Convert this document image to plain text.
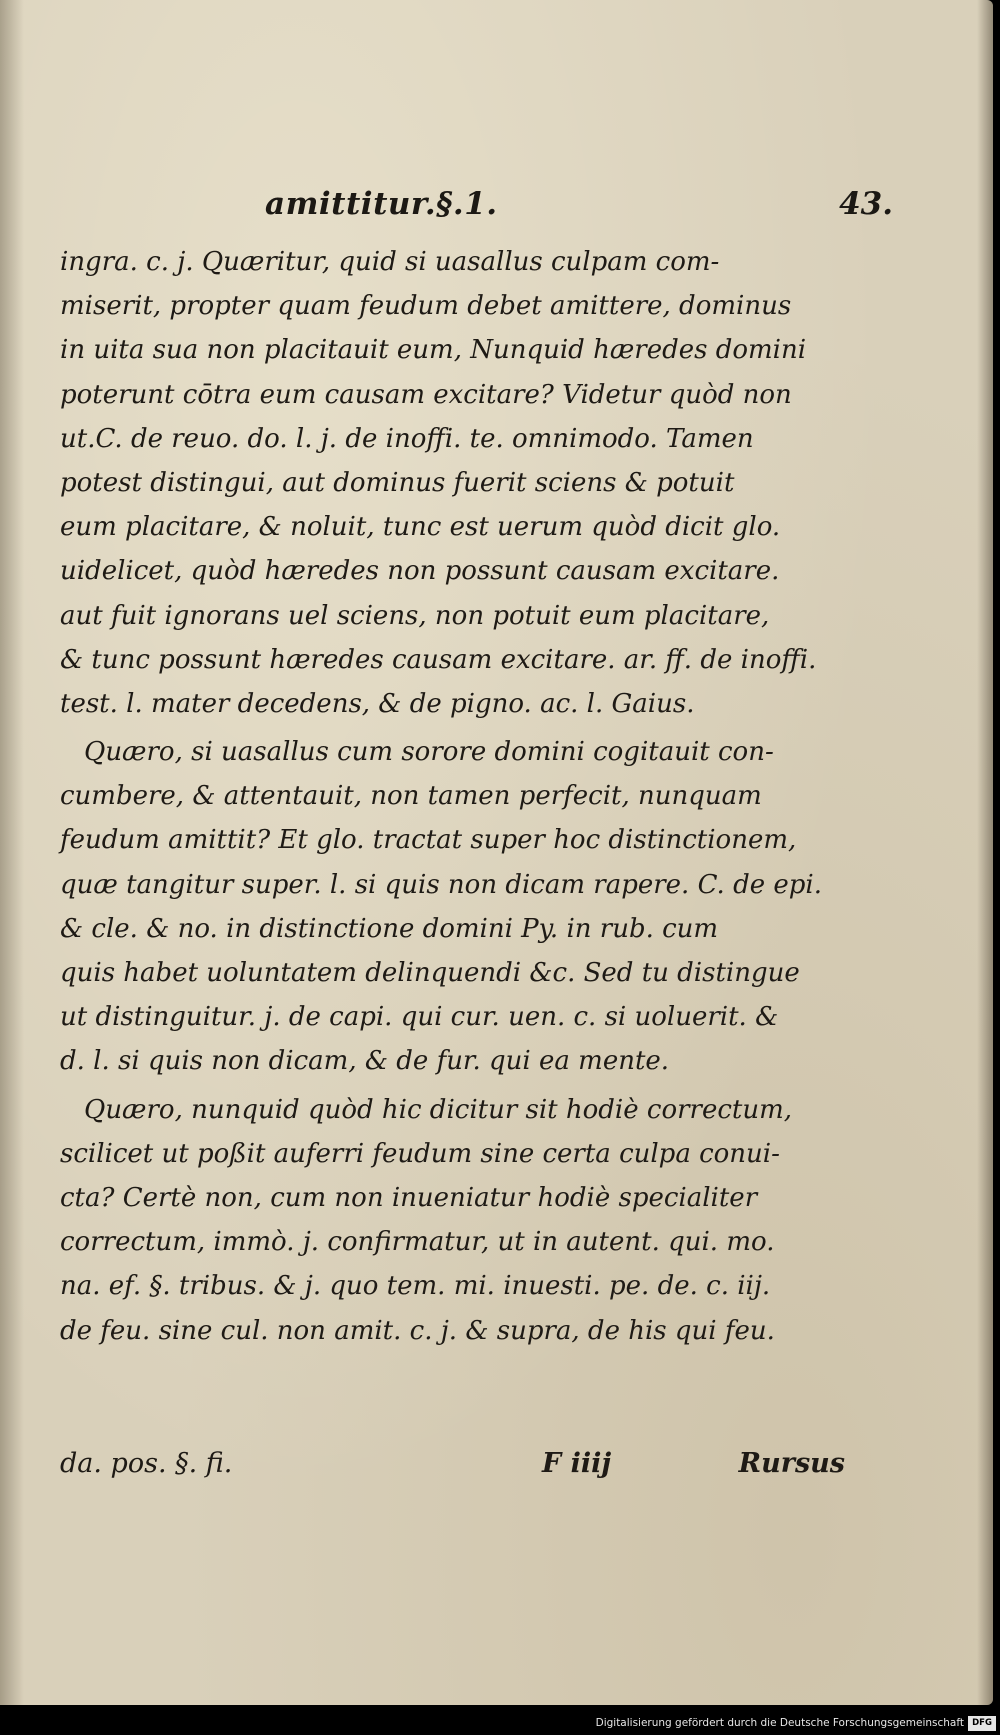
amittitur.§.1.	43.
ingra. c. j. Quæritur, quid si uasallus culpam com-
miserit, propter quam feudum debet amittere, dominus
in uita sua non placitauit eum, Nunquid hæredes domini
poterunt cōtra eum causam excitare? Videtur quòd non
ut.C. de reuo. do. l. j. de inoffi. te. omnimodo. Tamen
potest distingui, aut dominus fuerit sciens & potuit
eum placitare, & noluit, tunc est uerum quòd dicit glo.
uidelicet, quòd hæredes non possunt causam excitare.
aut fuit ignorans uel sciens, non potuit eum placitare,
& tunc possunt hæredes causam excitare. ar. ff. de inoffi.
test. l. mater decedens, & de pigno. ac. l. Gaius.
Quæro, si uasallus cum sorore domini cogitauit con-
cumbere, & attentauit, non tamen perfecit, nunquam
feudum amittit? Et glo. tractat super hoc distinctionem,
quæ tangitur super. l. si quis non dicam rapere. C. de epi.
& cle. & no. in distinctione domini Py. in rub. cum
quis habet uoluntatem delinquendi &c. Sed tu distingue
ut distinguitur. j. de capi. qui cur. uen. c. si uoluerit. &
d. l. si quis non dicam, & de fur. qui ea mente.
Quæro, nunquid quòd hic dicitur sit hodiè correctum,
scilicet ut poßit auferri feudum sine certa culpa conui-
cta? Certè non, cum non inueniatur hodiè specialiter
correctum, immò. j. confirmatur, ut in autent. qui. mo.
na. ef. §. tribus. & j. quo tem. mi. inuesti. pe. de. c. iij.
de feu. sine cul. non amit. c. j. & supra, de his qui feu.
da. pos. §. fi.	F iiij	Rursus
Digitalisierung gefördert durch die Deutsche Forschungsgemeinschaft DFG
